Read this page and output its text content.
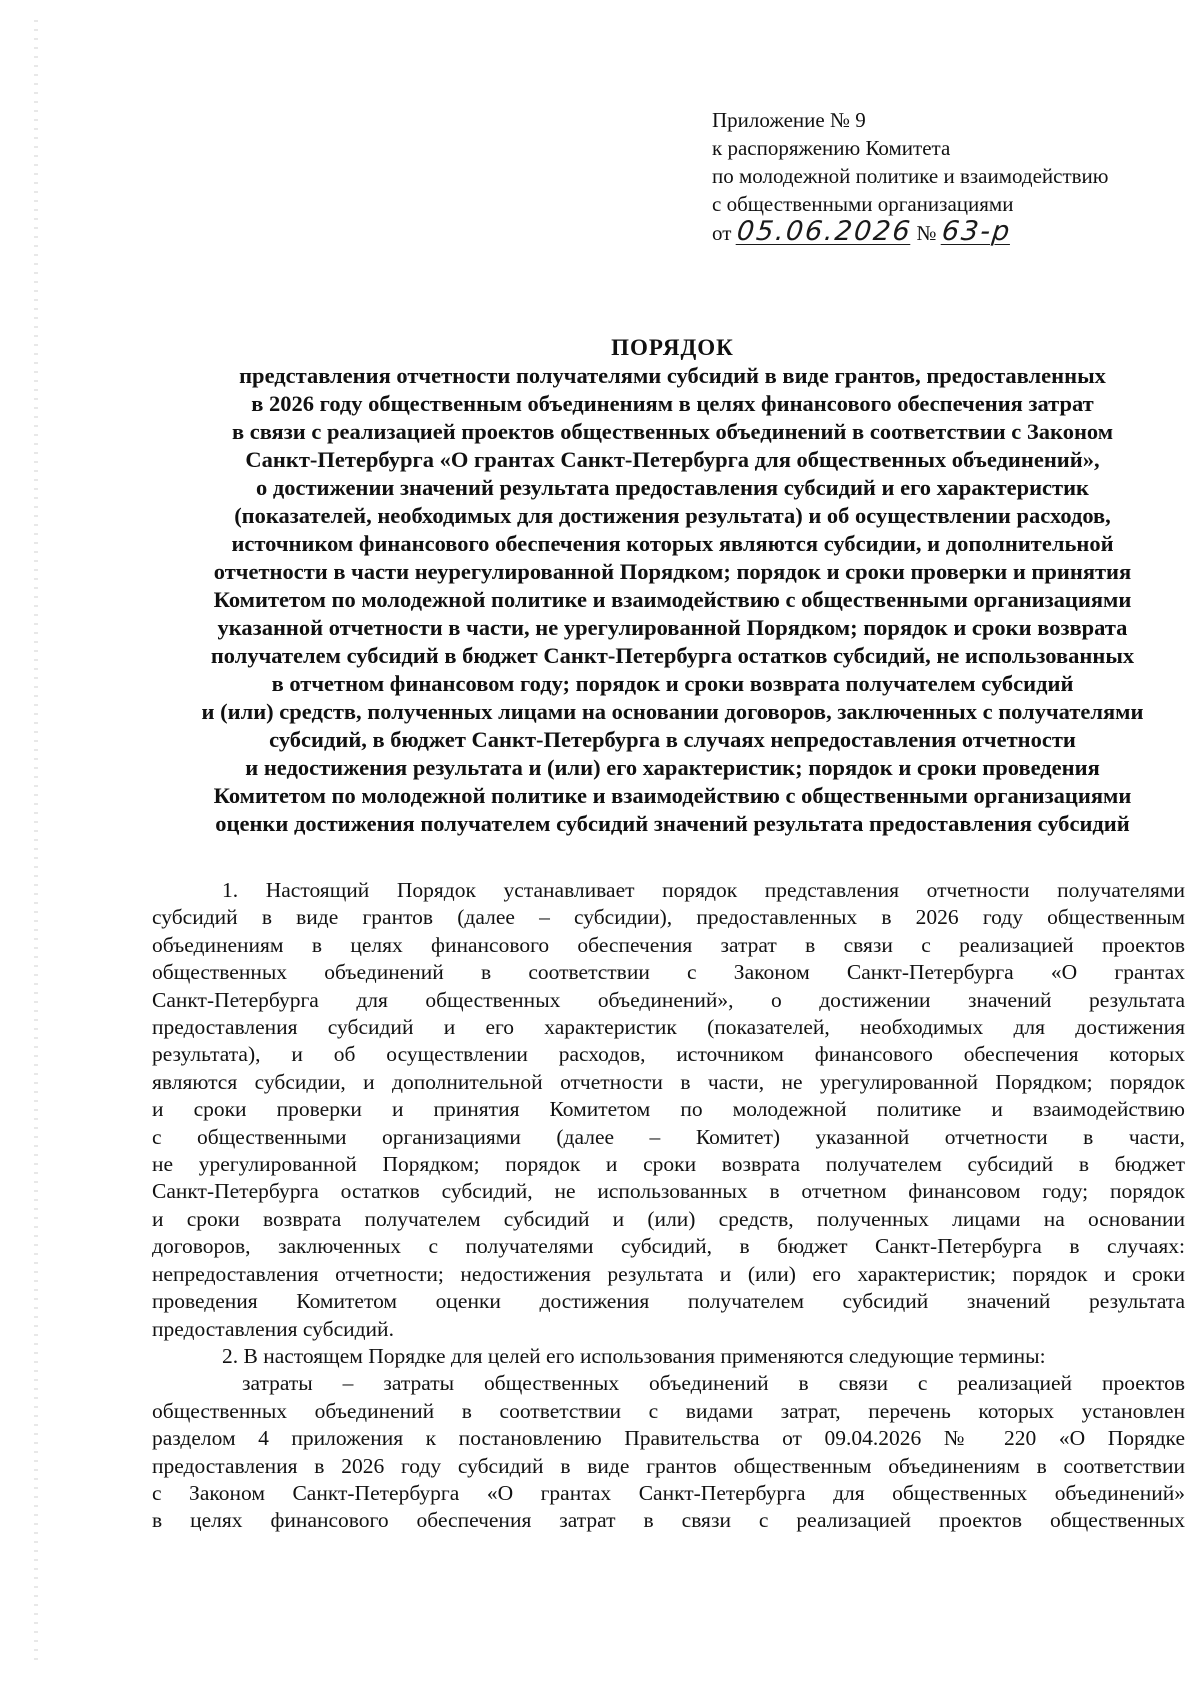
Приложение № 9
к распоряжению Комитета
по молодежной политике и взаимодействию
с общественными организациями
от 05.06.2026 № 63-р
ПОРЯДОК
представления отчетности получателями субсидий в виде грантов, предоставленных
в 2026 году общественным объединениям в целях финансового обеспечения затрат
в связи с реализацией проектов общественных объединений в соответствии с Законом
Санкт-Петербурга «О грантах Санкт-Петербурга для общественных объединений»,
о достижении значений результата предоставления субсидий и его характеристик
(показателей, необходимых для достижения результата) и об осуществлении расходов,
источником финансового обеспечения которых являются субсидии, и дополнительной
отчетности в части неурегулированной Порядком; порядок и сроки проверки и принятия
Комитетом по молодежной политике и взаимодействию с общественными организациями
указанной отчетности в части, не урегулированной Порядком; порядок и сроки возврата
получателем субсидий в бюджет Санкт-Петербурга остатков субсидий, не использованных
в отчетном финансовом году; порядок и сроки возврата получателем субсидий
и (или) средств, полученных лицами на основании договоров, заключенных с получателями
субсидий, в бюджет Санкт-Петербурга в случаях непредоставления отчетности
и недостижения результата и (или) его характеристик; порядок и сроки проведения
Комитетом по молодежной политике и взаимодействию с общественными организациями
оценки достижения получателем субсидий значений результата предоставления субсидий
1. Настоящий Порядок устанавливает порядок представления отчетности получателями
субсидий в виде грантов (далее – субсидии), предоставленных в 2026 году общественным
объединениям в целях финансового обеспечения затрат в связи с реализацией проектов
общественных объединений в соответствии с Законом Санкт-Петербурга «О грантах
Санкт-Петербурга для общественных объединений», о достижении значений результата
предоставления субсидий и его характеристик (показателей, необходимых для достижения
результата), и об осуществлении расходов, источником финансового обеспечения которых
являются субсидии, и дополнительной отчетности в части, не урегулированной Порядком; порядок
и сроки проверки и принятия Комитетом по молодежной политике и взаимодействию
с общественными организациями (далее – Комитет) указанной отчетности в части,
не урегулированной Порядком; порядок и сроки возврата получателем субсидий в бюджет
Санкт-Петербурга остатков субсидий, не использованных в отчетном финансовом году; порядок
и сроки возврата получателем субсидий и (или) средств, полученных лицами на основании
договоров, заключенных с получателями субсидий, в бюджет Санкт-Петербурга в случаях:
непредоставления отчетности; недостижения результата и (или) его характеристик; порядок и сроки
проведения Комитетом оценки достижения получателем субсидий значений результата
предоставления субсидий.
2. В настоящем Порядке для целей его использования применяются следующие термины:
затраты – затраты общественных объединений в связи с реализацией проектов
общественных объединений в соответствии с видами затрат, перечень которых установлен
разделом 4 приложения к постановлению Правительства от 09.04.2026 № 220 «О Порядке
предоставления в 2026 году субсидий в виде грантов общественным объединениям в соответствии
с Законом Санкт-Петербурга «О грантах Санкт-Петербурга для общественных объединений»
в целях финансового обеспечения затрат в связи с реализацией проектов общественных
